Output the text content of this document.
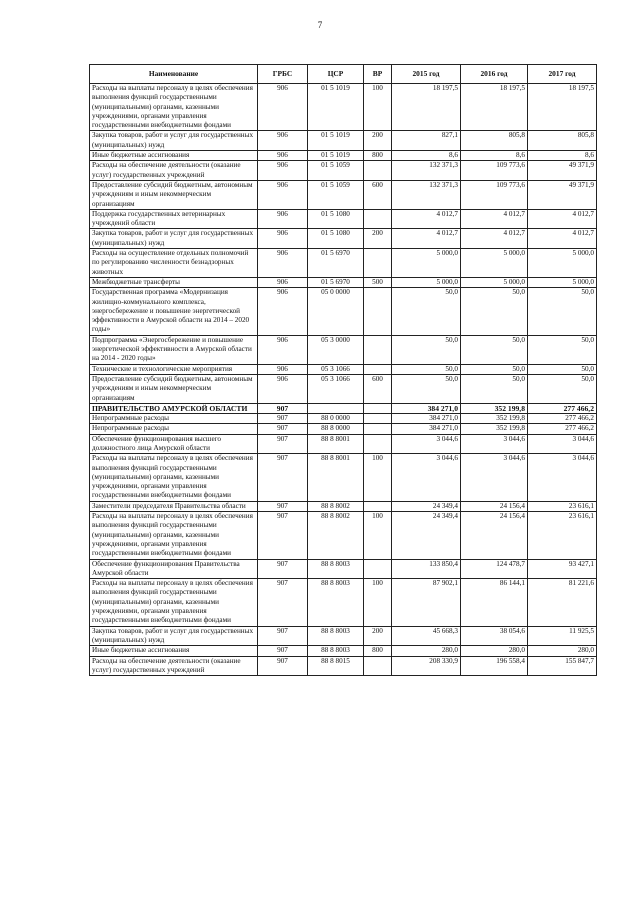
7
Наименование	ГРБС	ЦСР	ВР	2015 год	2016 год	2017 год
Расходы на выплаты персоналу в целях обеспечения выполнения функций государственными (муниципальными) органами, казенными учреждениями, органами управления государственными внебюджетными фондами	906	01 5 1019	100	18 197,5	18 197,5	18 197,5
Закупка товаров, работ и услуг для государственных (муниципальных) нужд	906	01 5 1019	200	827,1	805,8	805,8
Иные бюджетные ассигнования	906	01 5 1019	800	8,6	8,6	8,6
Расходы на обеспечение деятельности (оказание услуг) государственных учреждений	906	01 5 1059		132 371,3	109 773,6	49 371,9
Предоставление субсидий бюджетным, автономным учреждениям и иным некоммерческим организациям	906	01 5 1059	600	132 371,3	109 773,6	49 371,9
Поддержка государственных ветеринарных учреждений области	906	01 5 1080		4 012,7	4 012,7	4 012,7
Закупка товаров, работ и услуг для государственных (муниципальных) нужд	906	01 5 1080	200	4 012,7	4 012,7	4 012,7
Расходы на осуществление отдельных полномочий по регулированию численности безнадзорных животных	906	01 5 6970		5 000,0	5 000,0	5 000,0
Межбюджетные трансферты	906	01 5 6970	500	5 000,0	5 000,0	5 000,0
Государственная программа «Модернизация жилищно-коммунального комплекса, энергосбережение и повышение энергетической эффективности в Амурской области на 2014 – 2020 годы»	906	05 0 0000		50,0	50,0	50,0
Подпрограмма «Энергосбережение и повышение энергетической эффективности в Амурской области на 2014 - 2020 годы»	906	05 3 0000		50,0	50,0	50,0
Технические и технологические мероприятия	906	05 3 1066		50,0	50,0	50,0
Предоставление субсидий бюджетным, автономным учреждениям и иным некоммерческим организациям	906	05 3 1066	600	50,0	50,0	50,0
ПРАВИТЕЛЬСТВО АМУРСКОЙ ОБЛАСТИ	907			384 271,0	352 199,8	277 466,2
Непрограммные расходы	907	88 0 0000		384 271,0	352 199,8	277 466,2
Непрограммные расходы	907	88 8 0000		384 271,0	352 199,8	277 466,2
Обеспечение функционирования высшего должностного лица Амурской области	907	88 8 8001		3 044,6	3 044,6	3 044,6
Расходы на выплаты персоналу в целях обеспечения выполнения функций государственными (муниципальными) органами, казенными учреждениями, органами управления государственными внебюджетными фондами	907	88 8 8001	100	3 044,6	3 044,6	3 044,6
Заместители председателя Правительства области	907	88 8 8002		24 349,4	24 156,4	23 616,1
Расходы на выплаты персоналу в целях обеспечения выполнения функций государственными (муниципальными) органами, казенными учреждениями, органами управления государственными внебюджетными фондами	907	88 8 8002	100	24 349,4	24 156,4	23 616,1
Обеспечение функционирования Правительства Амурской области	907	88 8 8003		133 850,4	124 478,7	93 427,1
Расходы на выплаты персоналу в целях обеспечения выполнения функций государственными (муниципальными) органами, казенными учреждениями, органами управления государственными внебюджетными фондами	907	88 8 8003	100	87 902,1	86 144,1	81 221,6
Закупка товаров, работ и услуг для государственных (муниципальных) нужд	907	88 8 8003	200	45 668,3	38 054,6	11 925,5
Иные бюджетные ассигнования	907	88 8 8003	800	280,0	280,0	280,0
Расходы на обеспечение деятельности (оказание услуг) государственных учреждений	907	88 8 8015		208 330,9	196 558,4	155 847,7
